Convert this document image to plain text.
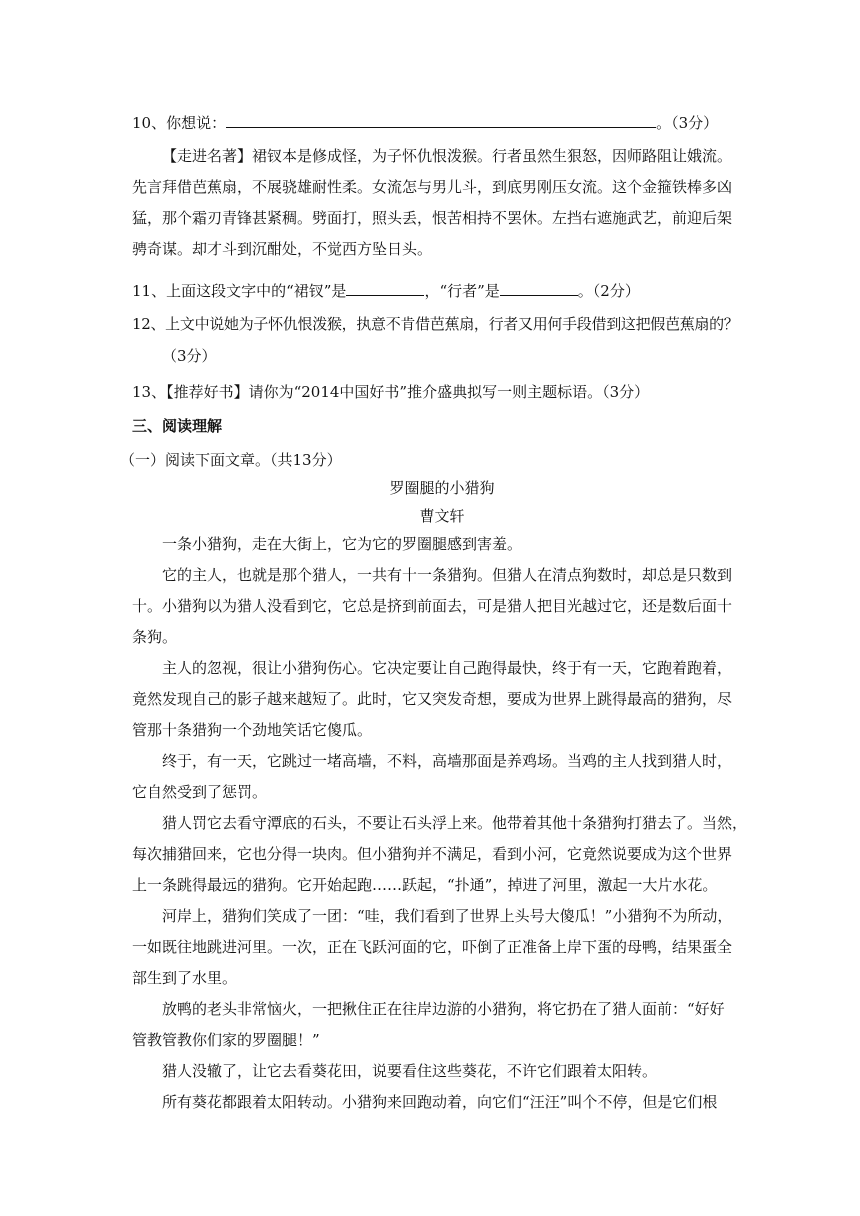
10、你想说：	。（3分）
【走进名著】裙钗本是修成怪，为子怀仇恨泼猴。行者虽然生狠怒，因师路阻让娥流。
先言拜借芭蕉扇，不展骁雄耐性柔。女流怎与男儿斗，到底男刚压女流。这个金箍铁棒多凶
猛，那个霜刃青锋甚紧稠。劈面打，照头丢，恨苦相持不罢休。左挡右遮施武艺，前迎后架
骋奇谋。却才斗到沉酣处，不觉西方坠日头。
11、上面这段文字中的“裙钗”是	，“行者”是	。（2分）
12、上文中说她为子怀仇恨泼猴，执意不肯借芭蕉扇，行者又用何手段借到这把假芭蕉扇的？
（3分）
13、【推荐好书】请你为“2014中国好书”推介盛典拟写一则主题标语。（3分）
三、阅读理解
（一）阅读下面文章。（共13分）
罗圈腿的小猎狗
曹文轩
一条小猎狗，走在大街上，它为它的罗圈腿感到害羞。
它的主人，也就是那个猎人，一共有十一条猎狗。但猎人在清点狗数时，却总是只数到
十。小猎狗以为猎人没看到它，它总是挤到前面去，可是猎人把目光越过它，还是数后面十
条狗。
主人的忽视，很让小猎狗伤心。它决定要让自己跑得最快，终于有一天，它跑着跑着，
竟然发现自己的影子越来越短了。此时，它又突发奇想，要成为世界上跳得最高的猎狗，尽
管那十条猎狗一个劲地笑话它傻瓜。
终于，有一天，它跳过一堵高墙，不料，高墙那面是养鸡场。当鸡的主人找到猎人时，
它自然受到了惩罚。
猎人罚它去看守潭底的石头，不要让石头浮上来。他带着其他十条猎狗打猎去了。当然，
每次捕猎回来，它也分得一块肉。但小猎狗并不满足，看到小河，它竟然说要成为这个世界
上一条跳得最远的猎狗。它开始起跑……跃起，“扑通”，掉进了河里，激起一大片水花。
河岸上，猎狗们笑成了一团：“哇，我们看到了世界上头号大傻瓜！”小猎狗不为所动，
一如既往地跳进河里。一次，正在飞跃河面的它，吓倒了正准备上岸下蛋的母鸭，结果蛋全
部生到了水里。
放鸭的老头非常恼火，一把揪住正在往岸边游的小猎狗，将它扔在了猎人面前：“好好
管教管教你们家的罗圈腿！”
猎人没辙了，让它去看葵花田，说要看住这些葵花，不许它们跟着太阳转。
所有葵花都跟着太阳转动。小猎狗来回跑动着，向它们“汪汪”叫个不停，但是它们根
